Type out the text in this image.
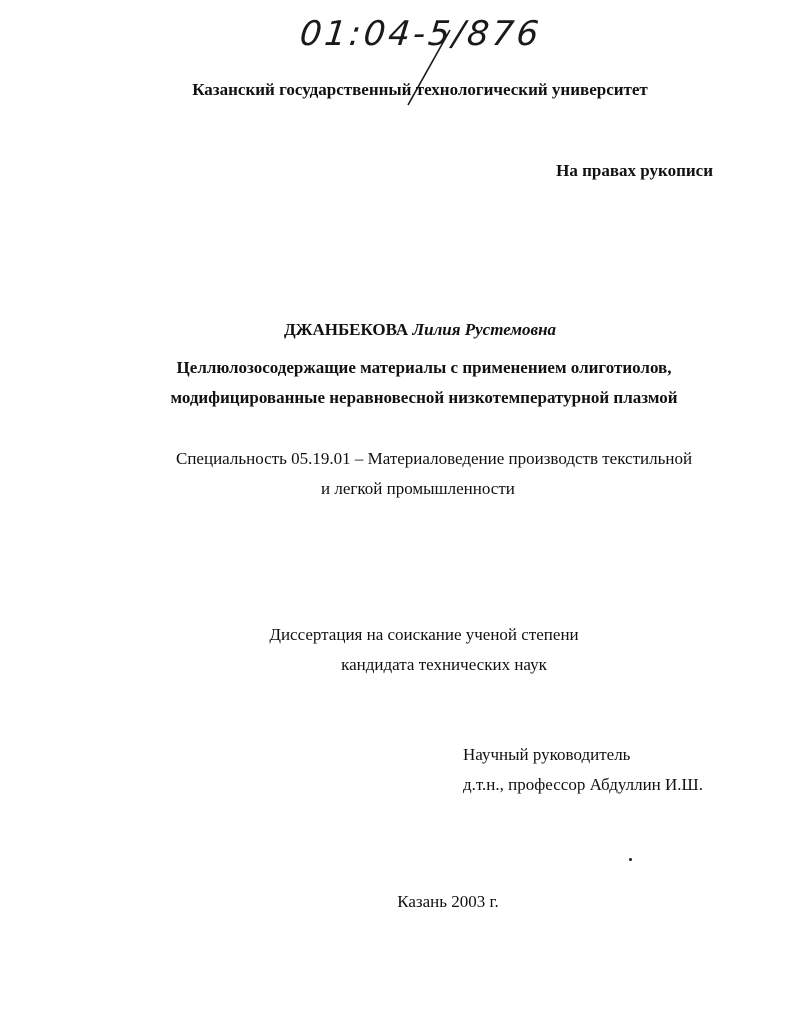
01:04-5/876
Казанский государственный технологический университет
На правах рукописи
ДЖАНБЕКОВА Лилия Рустемовна
Целлюлозосодержащие материалы с применением олиготиолов,
модифицированные неравновесной низкотемпературной плазмой
Специальность 05.19.01 – Материаловедение производств текстильной
и легкой промышленности
Диссертация на соискание ученой степени
кандидата технических наук
Научный руководитель
д.т.н., профессор Абдуллин И.Ш.
Казань 2003 г.
